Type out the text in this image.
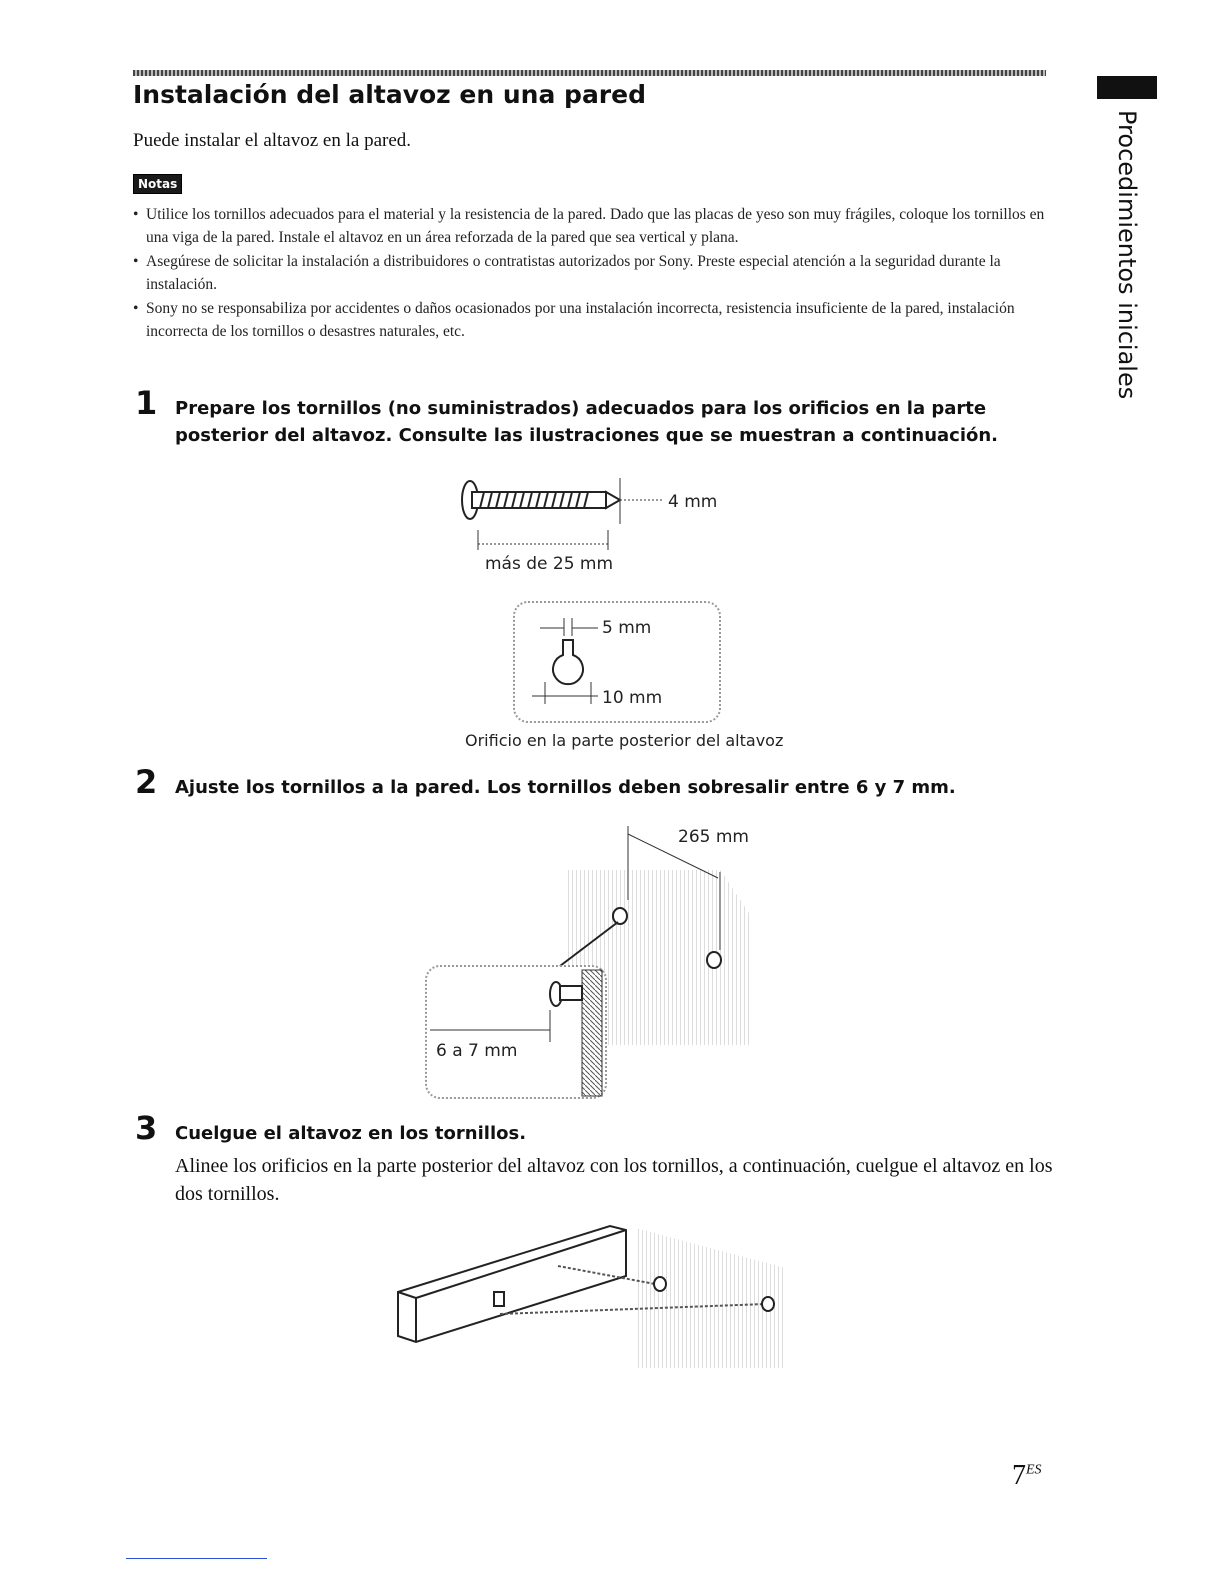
Instalación del altavoz en una pared
Puede instalar el altavoz en la pared.
Notas
• Utilice los tornillos adecuados para el material y la resistencia de la pared. Dado que las placas de yeso son muy frágiles, coloque los tornillos en una viga de la pared. Instale el altavoz en un área reforzada de la pared que sea vertical y plana.
• Asegúrese de solicitar la instalación a distribuidores o contratistas autorizados por Sony. Preste especial atención a la seguridad durante la instalación.
• Sony no se responsabiliza por accidentes o daños ocasionados por una instalación incorrecta, resistencia insuficiente de la pared, instalación incorrecta de los tornillos o desastres naturales, etc.
1 Prepare los tornillos (no suministrados) adecuados para los orificios en la parte posterior del altavoz. Consulte las ilustraciones que se muestran a continuación.
4 mm
más de 25 mm
5 mm
10 mm
Orificio en la parte posterior del altavoz
2 Ajuste los tornillos a la pared. Los tornillos deben sobresalir entre 6 y 7 mm.
265 mm
6 a 7 mm
3 Cuelgue el altavoz en los tornillos.
Alinee los orificios en la parte posterior del altavoz con los tornillos, a continuación, cuelgue el altavoz en los dos tornillos.
Procedimientos iniciales
$7^{ES}$
